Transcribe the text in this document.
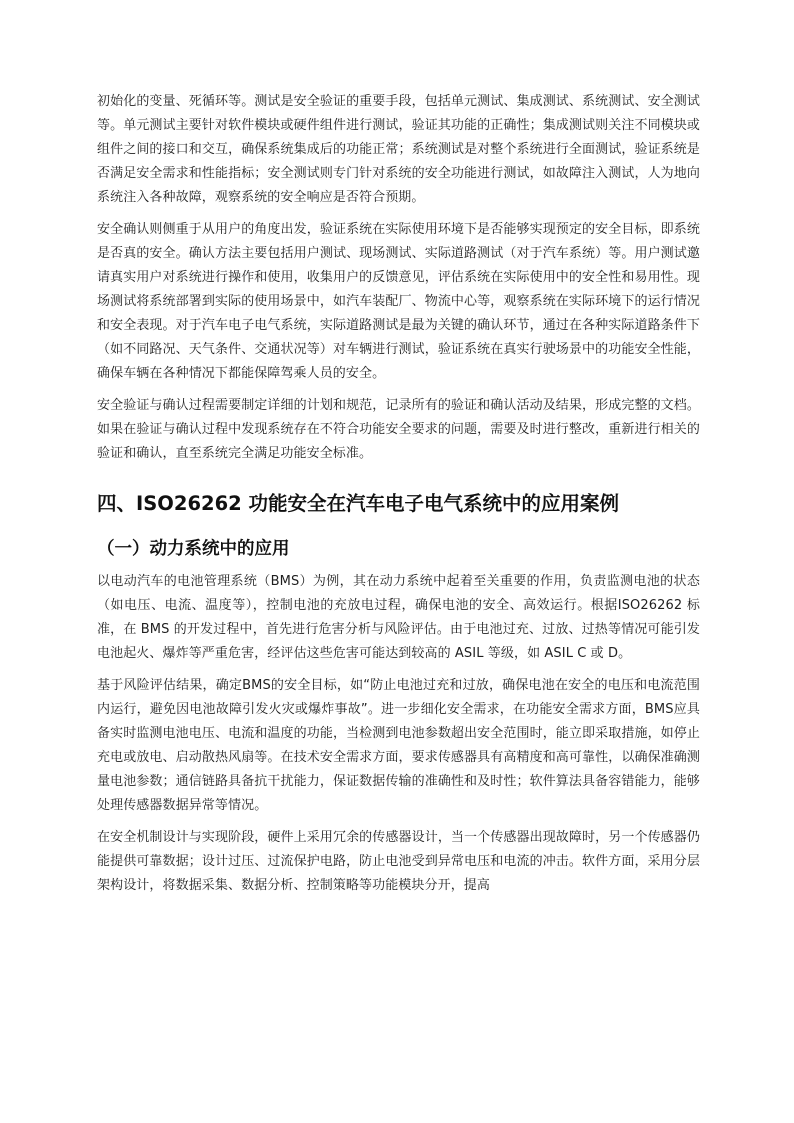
初始化的变量、死循环等。测试是安全验证的重要手段，包括单元测试、集成测试、系统测试、安全测试等。单元测试主要针对软件模块或硬件组件进行测试，验证其功能的正确性；集成测试则关注不同模块或组件之间的接口和交互，确保系统集成后的功能正常；系统测试是对整个系统进行全面测试，验证系统是否满足安全需求和性能指标；安全测试则专门针对系统的安全功能进行测试，如故障注入测试，人为地向系统注入各种故障，观察系统的安全响应是否符合预期。

安全确认则侧重于从用户的角度出发，验证系统在实际使用环境下是否能够实现预定的安全目标，即系统是否真的安全。确认方法主要包括用户测试、现场测试、实际道路测试（对于汽车系统）等。用户测试邀请真实用户对系统进行操作和使用，收集用户的反馈意见，评估系统在实际使用中的安全性和易用性。现场测试将系统部署到实际的使用场景中，如汽车装配厂、物流中心等，观察系统在实际环境下的运行情况和安全表现。对于汽车电子电气系统，实际道路测试是最为关键的确认环节，通过在各种实际道路条件下（如不同路况、天气条件、交通状况等）对车辆进行测试，验证系统在真实行驶场景中的功能安全性能，确保车辆在各种情况下都能保障驾乘人员的安全。

安全验证与确认过程需要制定详细的计划和规范，记录所有的验证和确认活动及结果，形成完整的文档。如果在验证与确认过程中发现系统存在不符合功能安全要求的问题，需要及时进行整改，重新进行相关的验证和确认，直至系统完全满足功能安全标准。

四、ISO26262 功能安全在汽车电子电气系统中的应用案例
（一）动力系统中的应用

以电动汽车的电池管理系统（BMS）为例，其在动力系统中起着至关重要的作用，负责监测电池的状态（如电压、电流、温度等），控制电池的充放电过程，确保电池的安全、高效运行。根据ISO26262 标准，在 BMS 的开发过程中，首先进行危害分析与风险评估。由于电池过充、过放、过热等情况可能引发电池起火、爆炸等严重危害，经评估这些危害可能达到较高的 ASIL 等级，如 ASIL C 或 D。

基于风险评估结果，确定BMS的安全目标，如“防止电池过充和过放，确保电池在安全的电压和电流范围内运行，避免因电池故障引发火灾或爆炸事故”。进一步细化安全需求，在功能安全需求方面，BMS应具备实时监测电池电压、电流和温度的功能，当检测到电池参数超出安全范围时，能立即采取措施，如停止充电或放电、启动散热风扇等。在技术安全需求方面，要求传感器具有高精度和高可靠性，以确保准确测量电池参数；通信链路具备抗干扰能力，保证数据传输的准确性和及时性；软件算法具备容错能力，能够处理传感器数据异常等情况。

在安全机制设计与实现阶段，硬件上采用冗余的传感器设计，当一个传感器出现故障时，另一个传感器仍能提供可靠数据；设计过压、过流保护电路，防止电池受到异常电压和电流的冲击。软件方面，采用分层架构设计，将数据采集、数据分析、控制策略等功能模块分开，提高
